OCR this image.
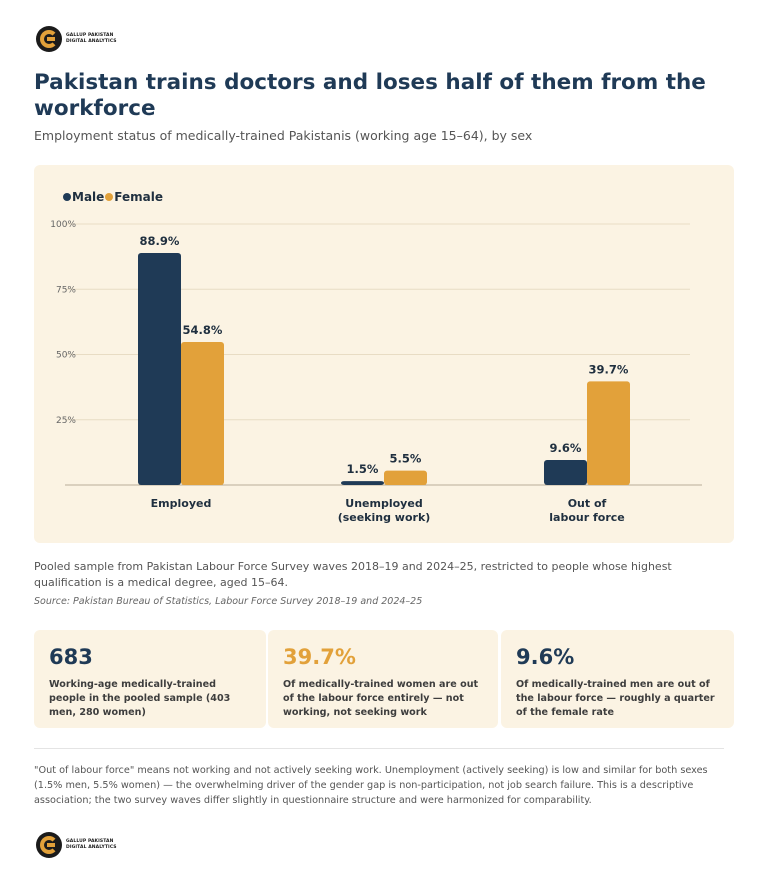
GALLUP PAKISTAN
DIGITAL ANALYTICS
Pakistan trains doctors and loses half of them from the workforce
Employment status of medically-trained Pakistanis (working age 15–64), by sex
Male Female
25%
50%
75%
100%
88.9%
54.8%
Employed
1.5%
5.5%
Unemployed
(seeking work)
9.6%
39.7%
Out of
labour force
Pooled sample from Pakistan Labour Force Survey waves 2018–19 and 2024–25, restricted to people whose highest qualification is a medical degree, aged 15–64.
Source: Pakistan Bureau of Statistics, Labour Force Survey 2018–19 and 2024–25
683
Working-age medically-trained people in the pooled sample (403 men, 280 women)
39.7%
Of medically-trained women are out of the labour force entirely — not working, not seeking work
9.6%
Of medically-trained men are out of the labour force — roughly a quarter of the female rate
"Out of labour force" means not working and not actively seeking work. Unemployment (actively seeking) is low and similar for both sexes (1.5% men, 5.5% women) — the overwhelming driver of the gender gap is non-participation, not job search failure. This is a descriptive association; the two survey waves differ slightly in questionnaire structure and were harmonized for comparability.
GALLUP PAKISTAN
DIGITAL ANALYTICS
